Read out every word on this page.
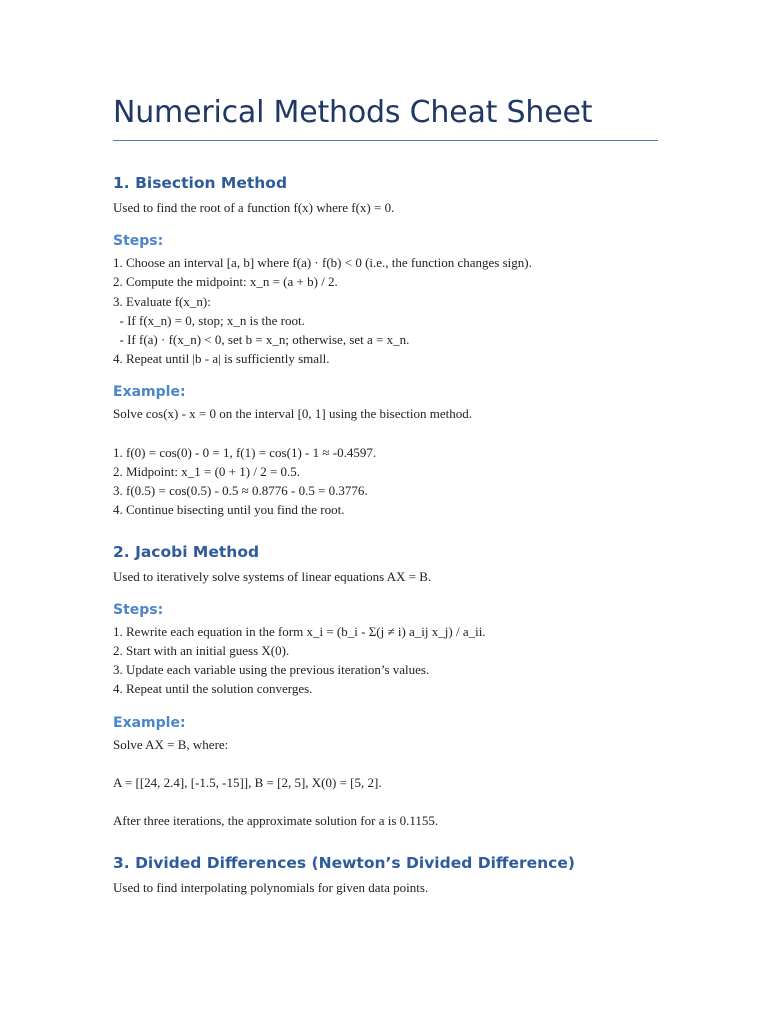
Numerical Methods Cheat Sheet
1. Bisection Method

Used to find the root of a function f(x) where f(x) = 0.

Steps:
1. Choose an interval [a, b] where f(a) · f(b) < 0 (i.e., the function changes sign).
2. Compute the midpoint: x_n = (a + b) / 2.
3. Evaluate f(x_n):
- If f(x_n) = 0, stop; x_n is the root.
- If f(a) · f(x_n) < 0, set b = x_n; otherwise, set a = x_n.
4. Repeat until |b - a| is sufficiently small.
Example:

Solve cos(x) - x = 0 on the interval [0, 1] using the bisection method.

1. f(0) = cos(0) - 0 = 1, f(1) = cos(1) - 1 ≈ -0.4597.
2. Midpoint: x_1 = (0 + 1) / 2 = 0.5.
3. f(0.5) = cos(0.5) - 0.5 ≈ 0.8776 - 0.5 = 0.3776.
4. Continue bisecting until you find the root.
2. Jacobi Method

Used to iteratively solve systems of linear equations AX = B.

Steps:
1. Rewrite each equation in the form x_i = (b_i - Σ(j ≠ i) a_ij x_j) / a_ii.
2. Start with an initial guess X(0).
3. Update each variable using the previous iteration’s values.
4. Repeat until the solution converges.
Example:

Solve AX = B, where:

A = [[24, 2.4], [-1.5, -15]], B = [2, 5], X(0) = [5, 2].

After three iterations, the approximate solution for a is 0.1155.

3. Divided Differences (Newton’s Divided Difference)

Used to find interpolating polynomials for given data points.
